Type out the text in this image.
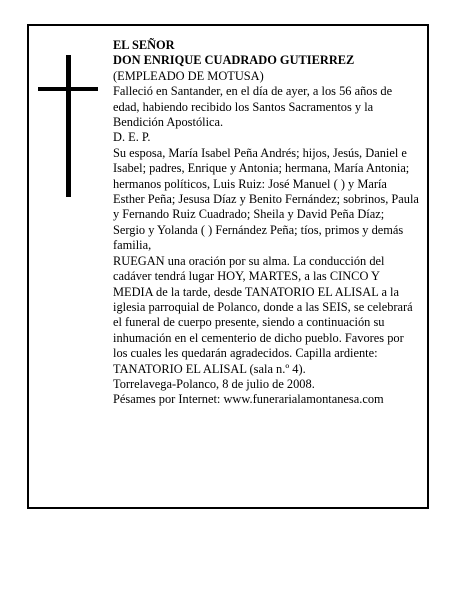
EL SEÑOR

DON ENRIQUE CUADRADO GUTIERREZ

(EMPLEADO DE MOTUSA)

Falleció en Santander, en el día de ayer, a los 56 años de edad, habiendo recibido los Santos Sacramentos y la Bendición Apostólica.

D. E. P.

Su esposa, María Isabel Peña Andrés; hijos, Jesús, Daniel e Isabel; padres, Enrique y Antonia; hermana, María Antonia; hermanos políticos, Luis Ruiz: José Manuel ( ) y María Esther Peña; Jesusa Díaz y Benito Fernández; sobrinos, Paula y Fernando Ruiz Cuadrado; Sheila y David Peña Díaz; Sergio y Yolanda ( ) Fernández Peña; tíos, primos y demás familia,

RUEGAN una oración por su alma. La conducción del cadáver tendrá lugar HOY, MARTES, a las CINCO Y MEDIA de la tarde, desde TANATORIO EL ALISAL a la iglesia parroquial de Polanco, donde a las SEIS, se celebrará el funeral de cuerpo presente, siendo a continuación su inhumación en el cementerio de dicho pueblo. Favores por los cuales les quedarán agradecidos. Capilla ardiente: TANATORIO EL ALISAL (sala n.º 4).

Torrelavega-Polanco, 8 de julio de 2008.

Pésames por Internet: www.funerarialamontanesa.com
